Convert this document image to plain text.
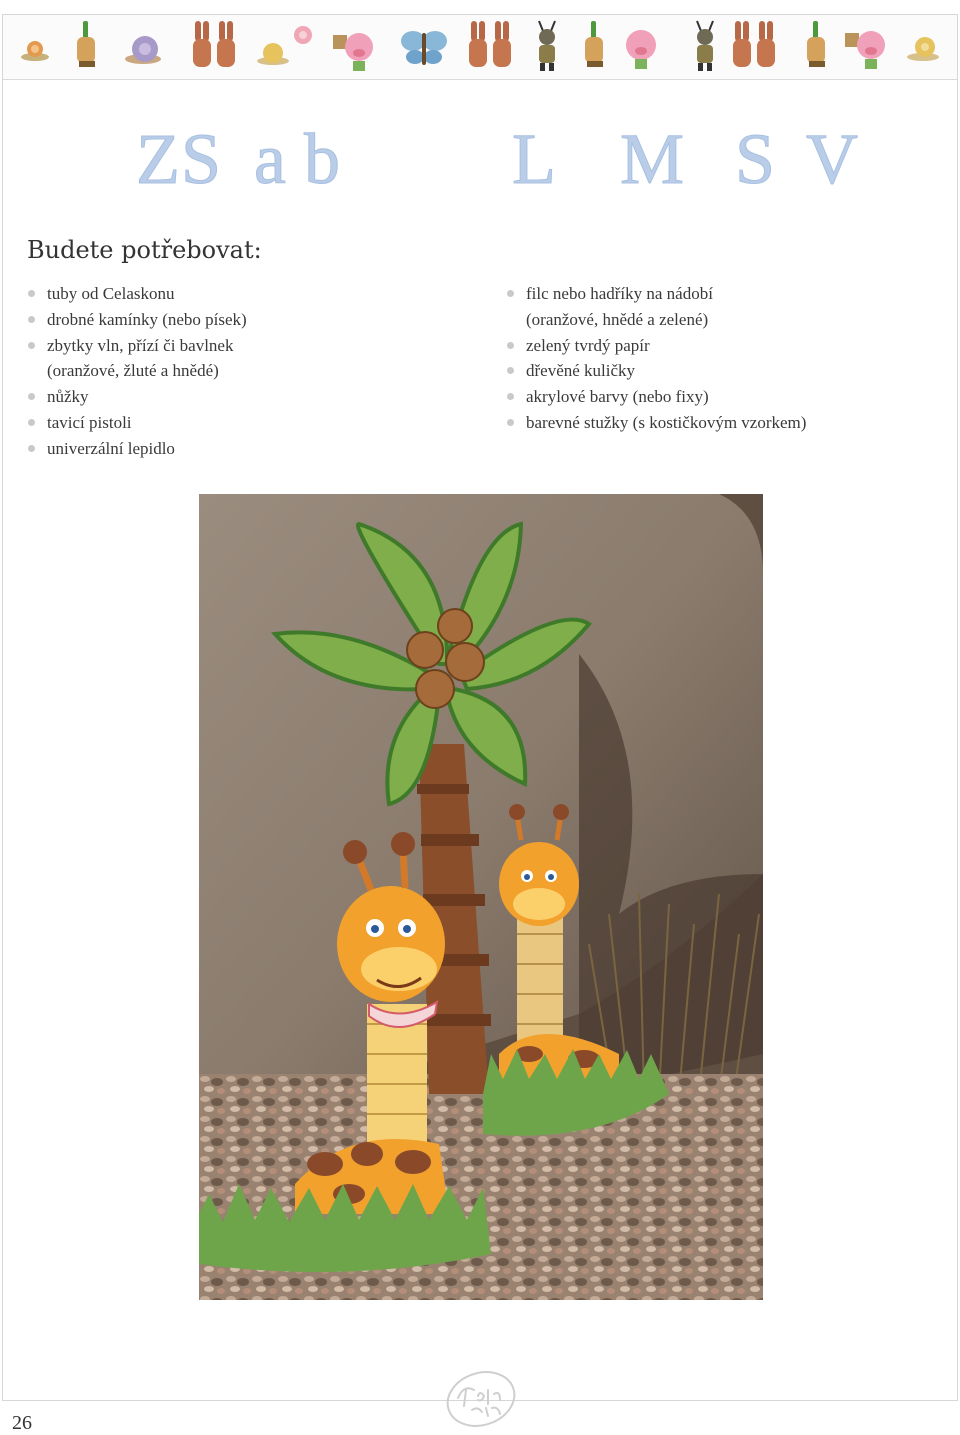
ZS a b L M S V
Budete potřebovat:
tuby od Celaskonu
drobné kamínky (nebo písek)
zbytky vln, přízí či bavlnek
(oranžové, žluté a hnědé)
nůžky
tavicí pistoli
univerzální lepidlo
filc nebo hadříky na nádobí
(oranžové, hnědé a zelené)
zelený tvrdý papír
dřevěné kuličky
akrylové barvy (nebo fixy)
barevné stužky (s kostičkovým vzorkem)
26
